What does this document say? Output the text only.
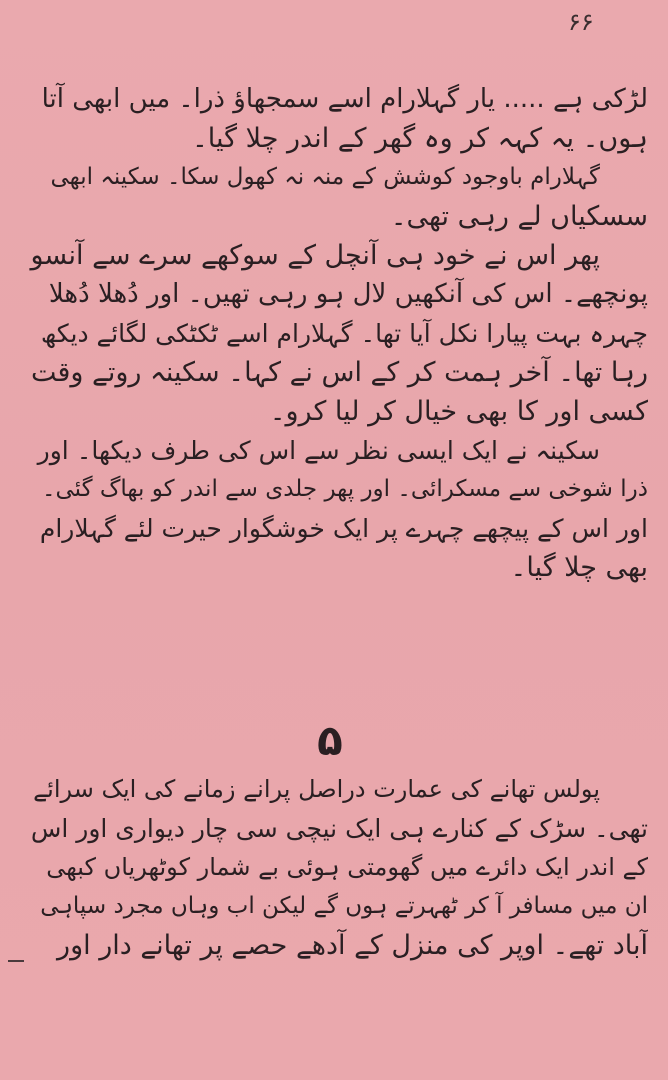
۶۶
لڑکی ہے ..... یار گہلارام اسے سمجھاؤ ذرا۔ میں ابھی آتا
ہوں۔ یہ کہہ کر وہ گھر کے اندر چلا گیا۔
گہلارام باوجود کوشش کے منہ نہ کھول سکا۔ سکینہ ابھی
سسکیاں لے رہی تھی۔
پھر اس نے خود ہی آنچل کے سوکھے سرے سے آنسو
پونچھے۔ اس کی آنکھیں لال ہو رہی تھیں۔ اور دُھلا دُھلا
چہرہ بہت پیارا نکل آیا تھا۔ گہلارام اسے ٹکٹکی لگائے دیکھ
رہا تھا۔ آخر ہمت کر کے اس نے کہا۔ سکینہ روتے وقت
کسی اور کا بھی خیال کر لیا کرو۔
سکینہ نے ایک ایسی نظر سے اس کی طرف دیکھا۔ اور
ذرا شوخی سے مسکرائی۔ اور پھر جلدی سے اندر کو بھاگ گئی۔
اور اس کے پیچھے چہرے پر ایک خوشگوار حیرت لئے گہلارام
بھی چلا گیا۔
۵
پولس تھانے کی عمارت دراصل پرانے زمانے کی ایک سرائے
تھی۔ سڑک کے کنارے ہی ایک نیچی سی چار دیواری اور اس
کے اندر ایک دائرے میں گھومتی ہوئی بے شمار کوٹھریاں کبھی
ان میں مسافر آ کر ٹھہرتے ہوں گے لیکن اب وہاں مجرد سپاہی
آباد تھے۔ اوپر کی منزل کے آدھے حصے پر تھانے دار اور
